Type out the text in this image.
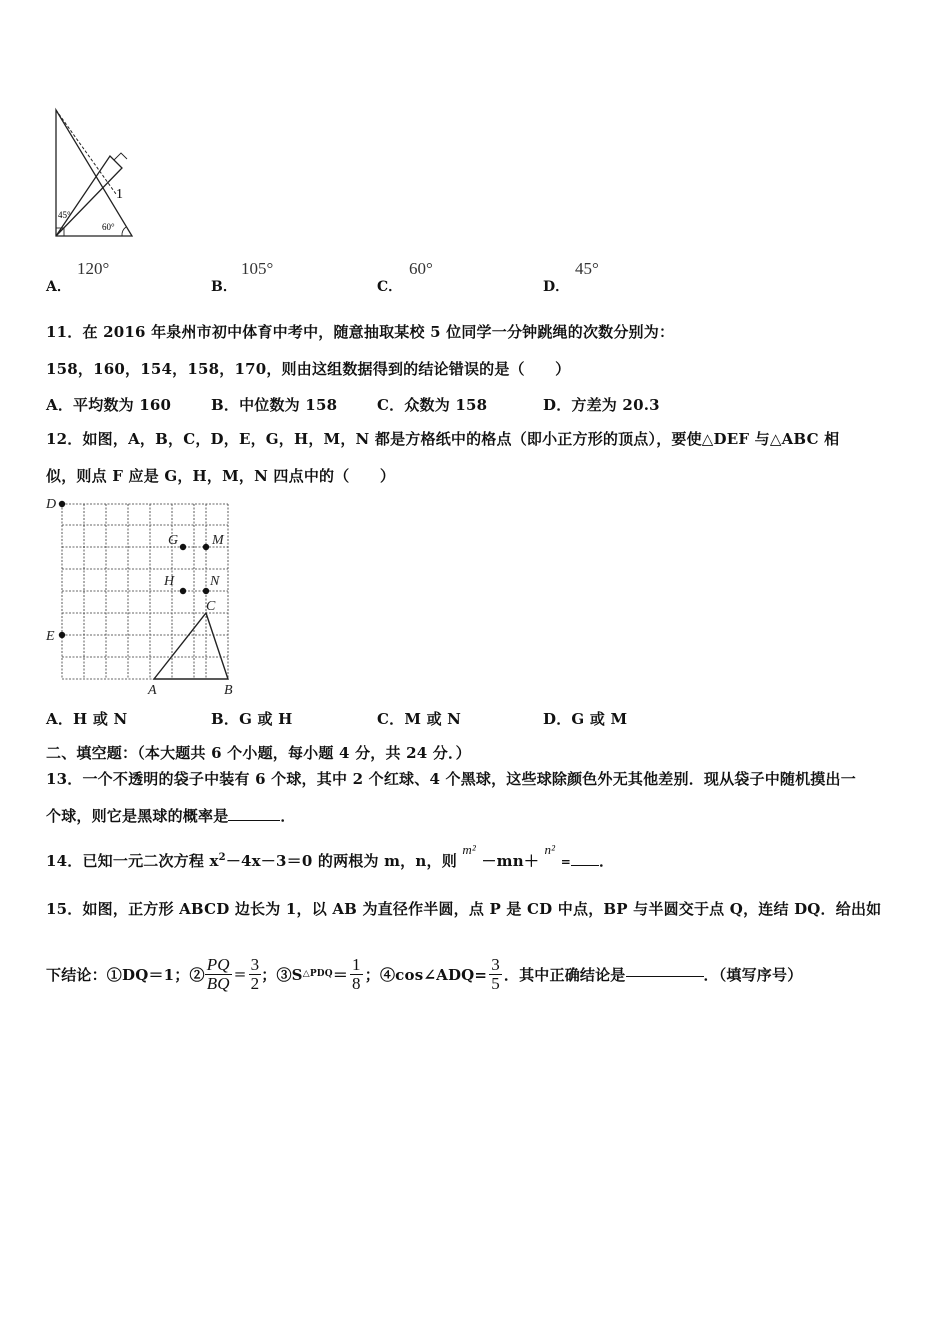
1
45°
60°
A．
120°
B．
105°
C．
60°
D．
45°
11．在 2016 年泉州市初中体育中考中，随意抽取某校 5 位同学一分钟跳绳的次数分别为：
158，160，154，158，170，则由这组数据得到的结论错误的是（　　）
A．平均数为 160	B．中位数为 158	C．众数为 158	D．方差为 20.3
12．如图，A，B，C，D，E，G，H，M，N 都是方格纸中的格点（即小正方形的顶点），要使△DEF 与△ABC 相
似，则点 F 应是 G，H，M，N 四点中的（　　）
D
E
G M
H	N
C
A	B
A．H 或 N	B．G 或 H	C．M 或 N	D．G 或 M
二、填空题：（本大题共 6 个小题，每小题 4 分，共 24 分．）
13．一个不透明的袋子中装有 6 个球，其中 2 个红球、4 个黑球，这些球除颜色外无其他差别．现从袋子中随机摸出一
个球，则它是黑球的概率是	．
14．已知一元二次方程 $x^2-4x-3=0$ 的两根为 m，n，则 m² －mn＋ n² = ．
15．如图，正方形 ABCD 边长为 1，以 AB 为直径作半圆，点 P 是 CD 中点，BP 与半圆交于点 Q，连结 DQ．给出如
下结论：①DQ＝1；② $\frac{PQ}{BQ} = \frac{3}{2}$ ；③S △PDQ ＝ $\frac{1}{8}$ ；④cos∠ADQ= $\frac{3}{5}$ ．其中正确结论是	．（填写序号）
